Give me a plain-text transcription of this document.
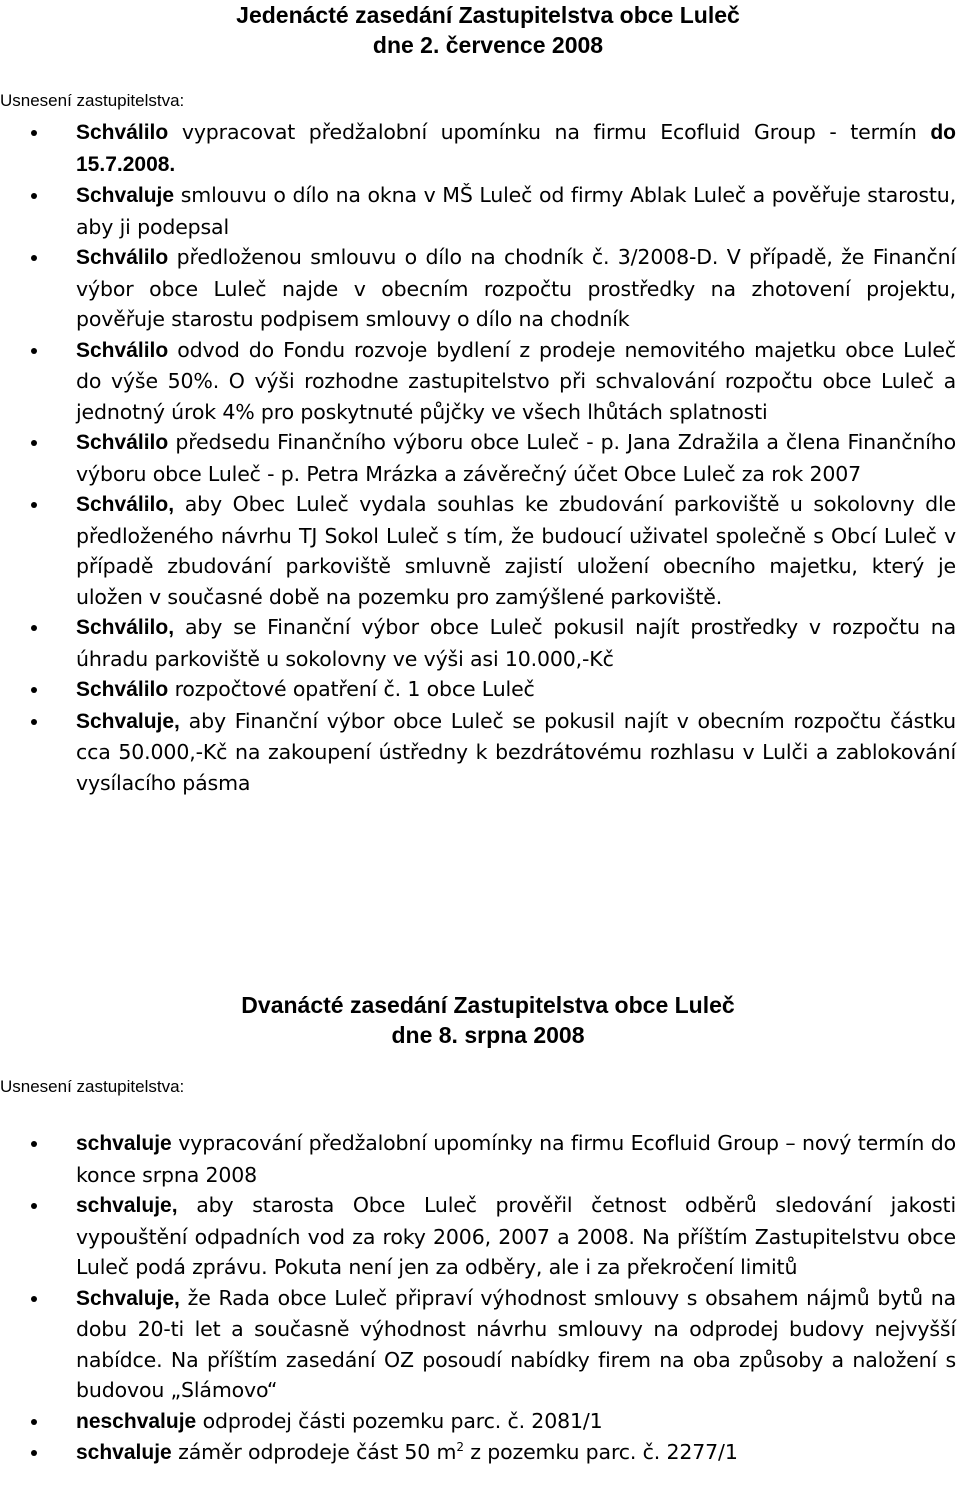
Jedenácté zasedání Zastupitelstva obce Luleč

dne 2. července 2008

Usnesení zastupitelstva:

Schválilo vypracovat předžalobní upomínku na firmu Ecofluid Group - termín do 15.7.2008.
Schvaluje smlouvu o dílo na okna v MŠ Luleč od firmy Ablak Luleč a pověřuje starostu, aby ji podepsal
Schválilo předloženou smlouvu o dílo na chodník č. 3/2008-D. V případě, že Finanční výbor obce Luleč najde v obecním rozpočtu prostředky na zhotovení projektu, pověřuje starostu podpisem smlouvy o dílo na chodník
Schválilo odvod do Fondu rozvoje bydlení z prodeje nemovitého majetku obce Luleč do výše 50%. O výši rozhodne zastupitelstvo při schvalování rozpočtu obce Luleč a jednotný úrok 4% pro poskytnuté půjčky ve všech lhůtách splatnosti
Schválilo předsedu Finančního výboru obce Luleč - p. Jana Zdražila a člena Finančního výboru obce Luleč - p. Petra Mrázka a závěrečný účet Obce Luleč za rok 2007
Schválilo, aby Obec Luleč vydala souhlas ke zbudování parkoviště u sokolovny dle předloženého návrhu TJ Sokol Luleč s tím, že budoucí uživatel společně s Obcí Luleč v případě zbudování parkoviště smluvně zajistí uložení obecního majetku, který je uložen v současné době na pozemku pro zamýšlené parkoviště.
Schválilo, aby se Finanční výbor obce Luleč pokusil najít prostředky v rozpočtu na úhradu parkoviště u sokolovny ve výši asi 10.000,-Kč
Schválilo rozpočtové opatření č. 1 obce Luleč
Schvaluje, aby Finanční výbor obce Luleč se pokusil najít v obecním rozpočtu částku cca 50.000,-Kč na zakoupení ústředny k bezdrátovému rozhlasu v Lulči a zablokování vysílacího pásma

Dvanácté zasedání Zastupitelstva obce Luleč

dne 8. srpna 2008

Usnesení zastupitelstva:

schvaluje vypracování předžalobní upomínky na firmu Ecofluid Group – nový termín do konce srpna 2008
schvaluje, aby starosta Obce Luleč prověřil četnost odběrů sledování jakosti vypouštění odpadních vod za roky 2006, 2007 a 2008. Na příštím Zastupitelstvu obce Luleč podá zprávu. Pokuta není jen za odběry, ale i za překročení limitů
Schvaluje, že Rada obce Luleč připraví výhodnost smlouvy s obsahem nájmů bytů na dobu 20-ti let a současně výhodnost návrhu smlouvy na odprodej budovy nejvyšší nabídce. Na příštím zasedání OZ posoudí nabídky firem na oba způsoby a naložení s budovou „Slámovo“
neschvaluje odprodej části pozemku parc. č. 2081/1
schvaluje záměr odprodeje část 50 $m^2$ z pozemku parc. č. 2277/1
